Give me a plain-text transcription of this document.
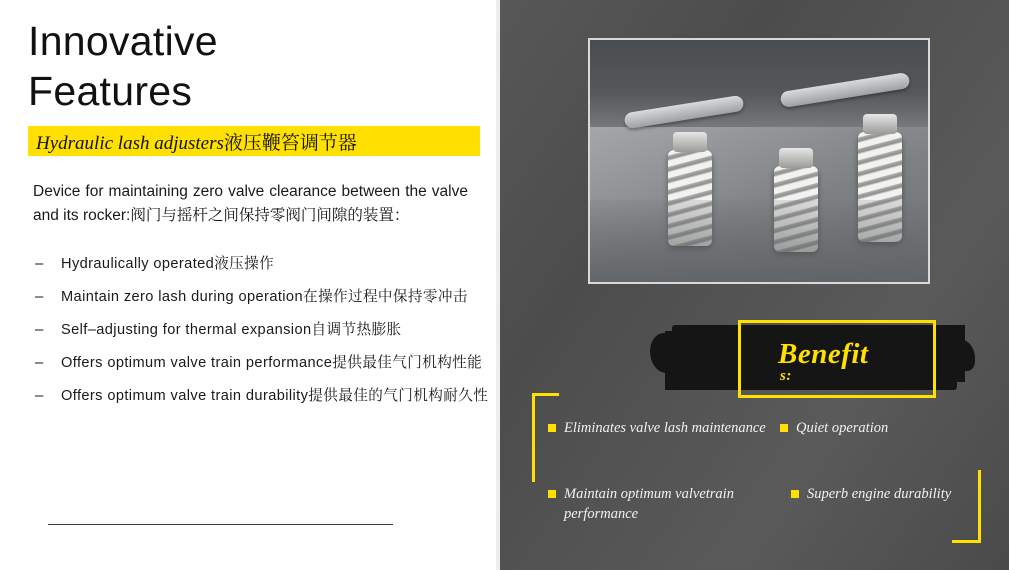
Innovative
Features
Hydraulic lash adjusters液压鞭笞调节器
Device for maintaining zero valve clearance between the valve and its rocker:阀门与摇杆之间保持零阀门间隙的装置：
– Hydraulically operated液压操作
– Maintain zero lash during operation在操作过程中保持零冲击
– Self–adjusting for thermal expansion自调节热膨胀
– Offers optimum valve train performance提供最佳气门机构性能
– Offers optimum valve train durability提供最佳的气门机构耐久性
Benefit
s:
Eliminates valve lash maintenance	Quiet operation
Maintain optimum valvetrain performance
Superb engine durability
